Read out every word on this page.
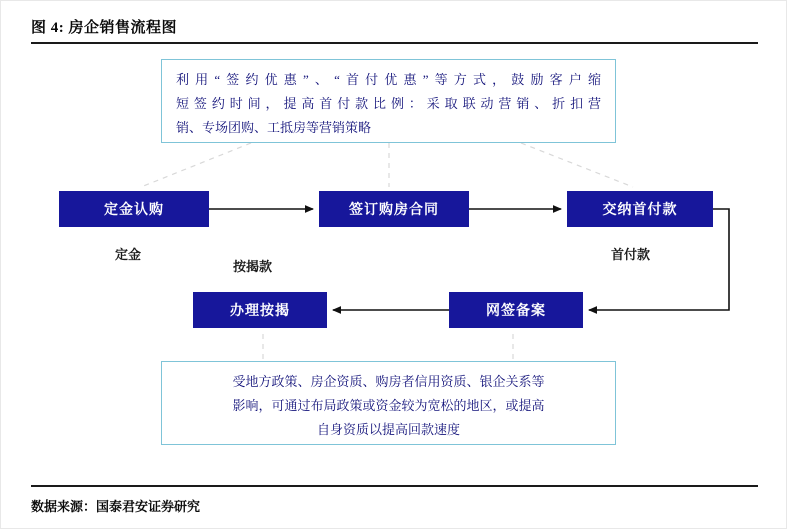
图 4: 房企销售流程图
利用“签约优惠”、“首付优惠”等方式，鼓励客户缩
短签约时间，提高首付款比例：采取联动营销、折扣营
销、专场团购、工抵房等营销策略
定金认购	签订购房合同	交纳首付款
办理按揭	网签备案
定金
按揭款
首付款
受地方政策、房企资质、购房者信用资质、银企关系等
影响，可通过布局政策或资金较为宽松的地区，或提高
自身资质以提高回款速度
数据来源：国泰君安证券研究
